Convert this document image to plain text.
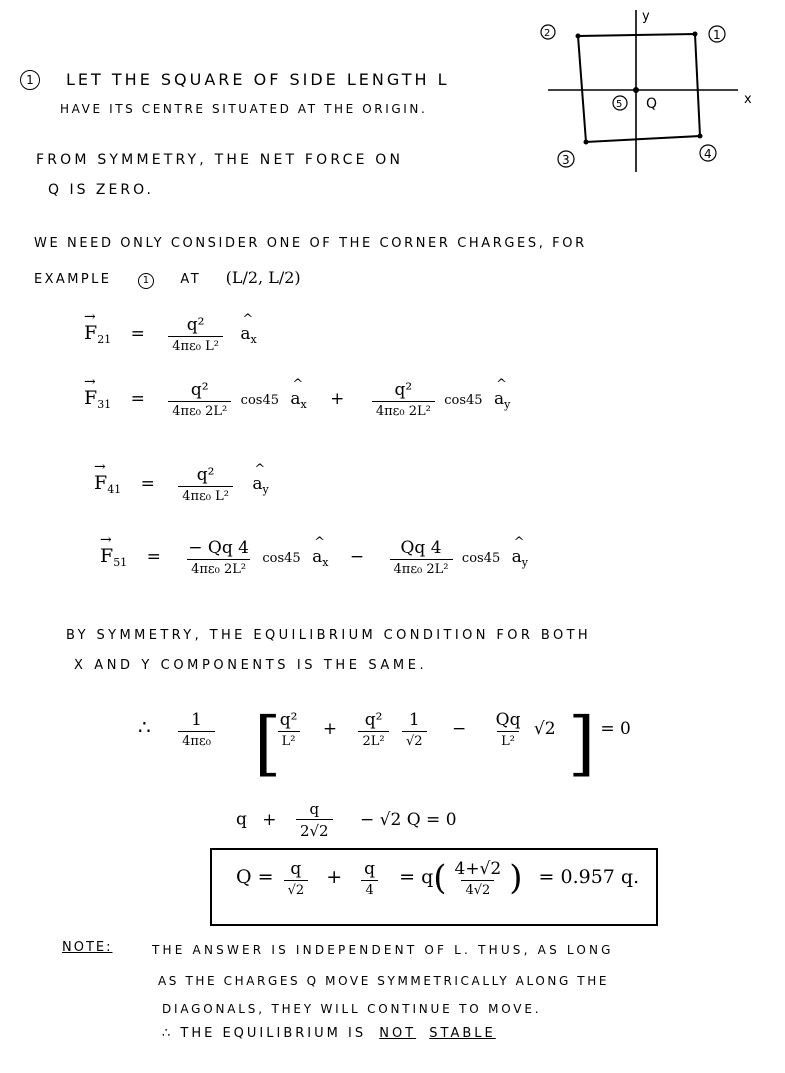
y
x
2	1
3	4
5 Q
1	LET THE SQUARE OF SIDE LENGTH L
HAVE ITS CENTRE SITUATED AT THE ORIGIN.
FROM SYMMETRY, THE NET FORCE ON
Q IS ZERO.
WE NEED ONLY CONSIDER ONE OF THE CORNER CHARGES, FOR
EXAMPLE	1 AT (L/2, L/2)
→ $F_{21} = \frac{\text{q²}}{\text{4πε₀ L²}}$ ^ $a_x$
→ $F_{31} = \frac{\text{q²}}{\text{4πε₀ 2L²}} \cos 45$ ^ $a_x + \frac{\text{q²}}{\text{4πε₀ 2L²}} \cos 45$ ^ $a_y$
→ $F_{41} = \frac{\text{q²}}{\text{4πε₀ L²}}$ ^ $a_y$
→ $F_{51} = \frac{- Qq 4}{\text{4πε₀ 2L²}} \cos 45$ ^ $a_x - \frac{Qq 4}{\text{4πε₀ 2L²}} \cos 45$ ^ $a_y$
BY SYMMETRY, THE EQUILIBRIUM CONDITION FOR BOTH
X AND Y COMPONENTS IS THE SAME.
∴ $\frac{1}{\text{4πε₀}}$
	$\frac{\text{q²}}{\text{L²}} + \frac{\text{q²}}{\text{2L²}}$
$\frac{1}{√2} - \frac{Qq}{\text{L²}} √2$	= 0
[	]
$q + \frac{q}{2√2} - √2$ Q = 0
$Q = \frac{q}{√2} + \frac{q}{4} = q( \frac{4+√2}{4√2}$ ) = 0.957 q.
NOTE:	THE ANSWER IS INDEPENDENT OF L. THUS, AS LONG
AS THE CHARGES Q MOVE SYMMETRICALLY ALONG THE
DIAGONALS, THEY WILL CONTINUE TO MOVE.
∴ THE EQUILIBRIUM IS NOT STABLE
